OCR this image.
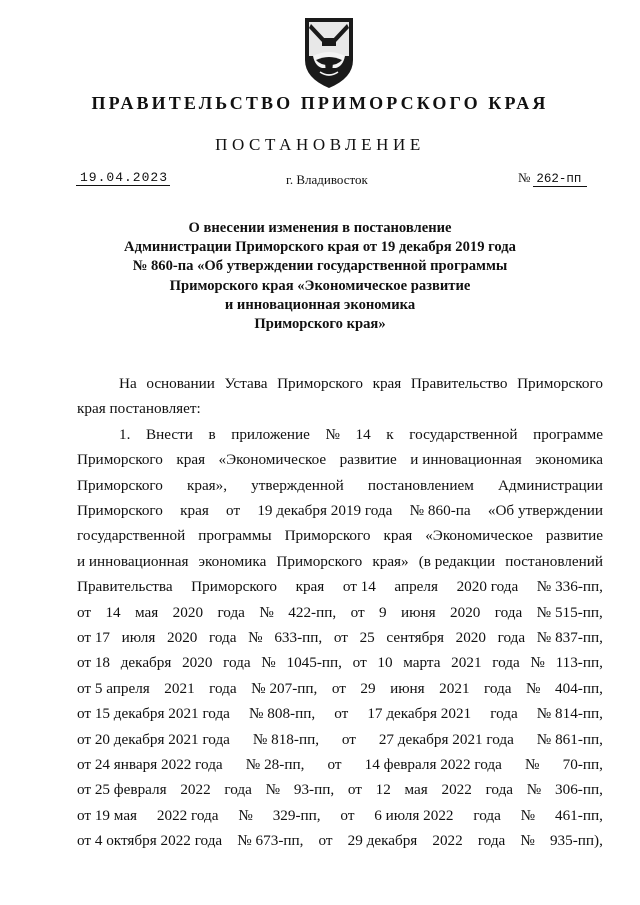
ПРАВИТЕЛЬСТВО ПРИМОРСКОГО КРАЯ
ПОСТАНОВЛЕНИЕ
19.04.2023	г. Владивосток	№ 262-пп
О внесении изменения в постановление
Администрации Приморского края от 19 декабря 2019 года
№ 860-па «Об утверждении государственной программы
Приморского края «Экономическое развитие
и инновационная экономика
Приморского края»
На основании Устава Приморского края Правительство Приморского
края постановляет:
1. Внести в приложение № 14 к государственной программе
Приморского края «Экономическое развитие и инновационная экономика
Приморского края», утвержденной постановлением Администрации
Приморского края от 19 декабря 2019 года № 860-па «Об утверждении
государственной программы Приморского края «Экономическое развитие
и инновационная экономика Приморского края» (в редакции постановлений
Правительства Приморского края от 14 апреля 2020 года № 336-пп,
от 14 мая 2020 года № 422-пп, от 9 июня 2020 года № 515-пп,
от 17 июля 2020 года № 633-пп, от 25 сентября 2020 года № 837-пп,
от 18 декабря 2020 года № 1045-пп, от 10 марта 2021 года № 113-пп,
от 5 апреля 2021 года № 207-пп, от 29 июня 2021 года № 404-пп,
от 15 декабря 2021 года № 808-пп, от 17 декабря 2021 года № 814-пп,
от 20 декабря 2021 года № 818-пп, от 27 декабря 2021 года № 861-пп,
от 24 января 2022 года № 28-пп, от 14 февраля 2022 года № 70-пп,
от 25 февраля 2022 года № 93-пп, от 12 мая 2022 года № 306-пп,
от 19 мая 2022 года № 329-пп, от 6 июля 2022 года № 461-пп,
от 4 октября 2022 года № 673-пп, от 29 декабря 2022 года № 935-пп),
